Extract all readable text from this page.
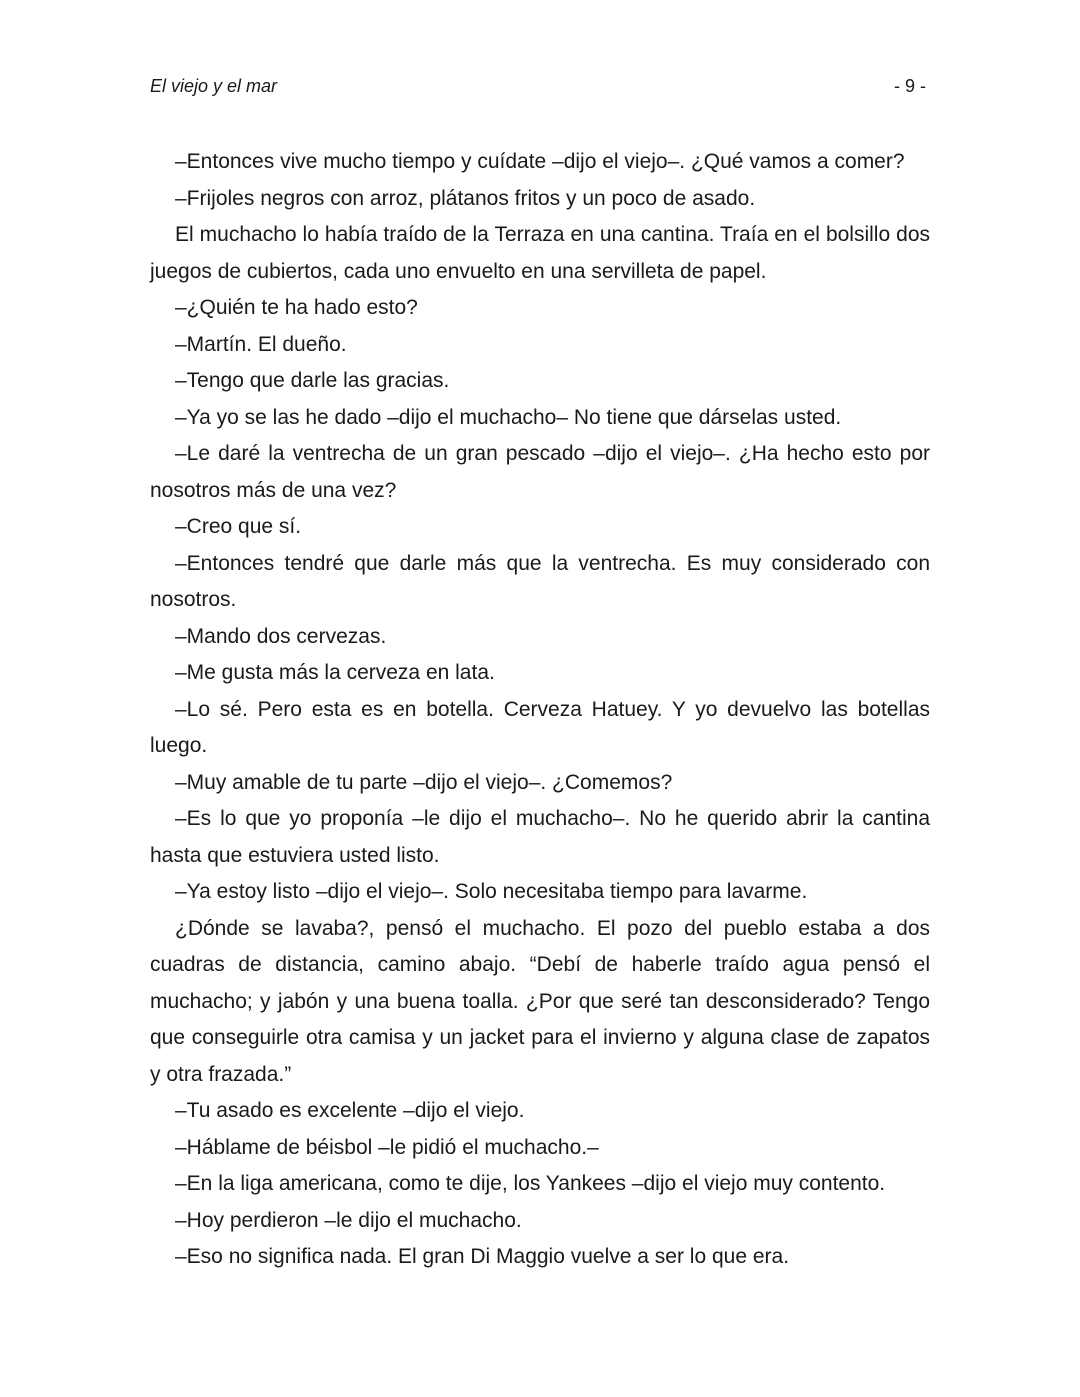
El viejo y el mar	- 9 -

–Entonces vive mucho tiempo y cuídate –dijo el viejo–. ¿Qué vamos a comer?

–Frijoles negros con arroz, plátanos fritos y un poco de asado.

El muchacho lo había traído de la Terraza en una cantina. Traía en el bolsillo dos juegos de cubiertos, cada uno envuelto en una servilleta de papel.

–¿Quién te ha hado esto?

–Martín. El dueño.

–Tengo que darle las gracias.

–Ya yo se las he dado –dijo el muchacho– No tiene que dárselas usted.

–Le daré la ventrecha de un gran pescado –dijo el viejo–. ¿Ha hecho esto por nosotros más de una vez?

–Creo que sí.

–Entonces tendré que darle más que la ventrecha. Es muy considerado con nosotros.

–Mando dos cervezas.

–Me gusta más la cerveza en lata.

–Lo sé. Pero esta es en botella. Cerveza Hatuey. Y yo devuelvo las botellas luego.

–Muy amable de tu parte –dijo el viejo–. ¿Comemos?

–Es lo que yo proponía –le dijo el muchacho–. No he querido abrir la cantina hasta que estuviera usted listo.

–Ya estoy listo –dijo el viejo–. Solo necesitaba tiempo para lavarme.

¿Dónde se lavaba?, pensó el muchacho. El pozo del pueblo estaba a dos cuadras de distancia, camino abajo. “Debí de haberle traído agua pensó el muchacho; y jabón y una buena toalla. ¿Por que seré tan desconsiderado? Tengo que conseguirle otra camisa y un jacket para el invierno y alguna clase de zapatos y otra frazada.”

–Tu asado es excelente –dijo el viejo.

–Háblame de béisbol –le pidió el muchacho.–

–En la liga americana, como te dije, los Yankees –dijo el viejo muy contento.

–Hoy perdieron –le dijo el muchacho.

–Eso no significa nada. El gran Di Maggio vuelve a ser lo que era.
